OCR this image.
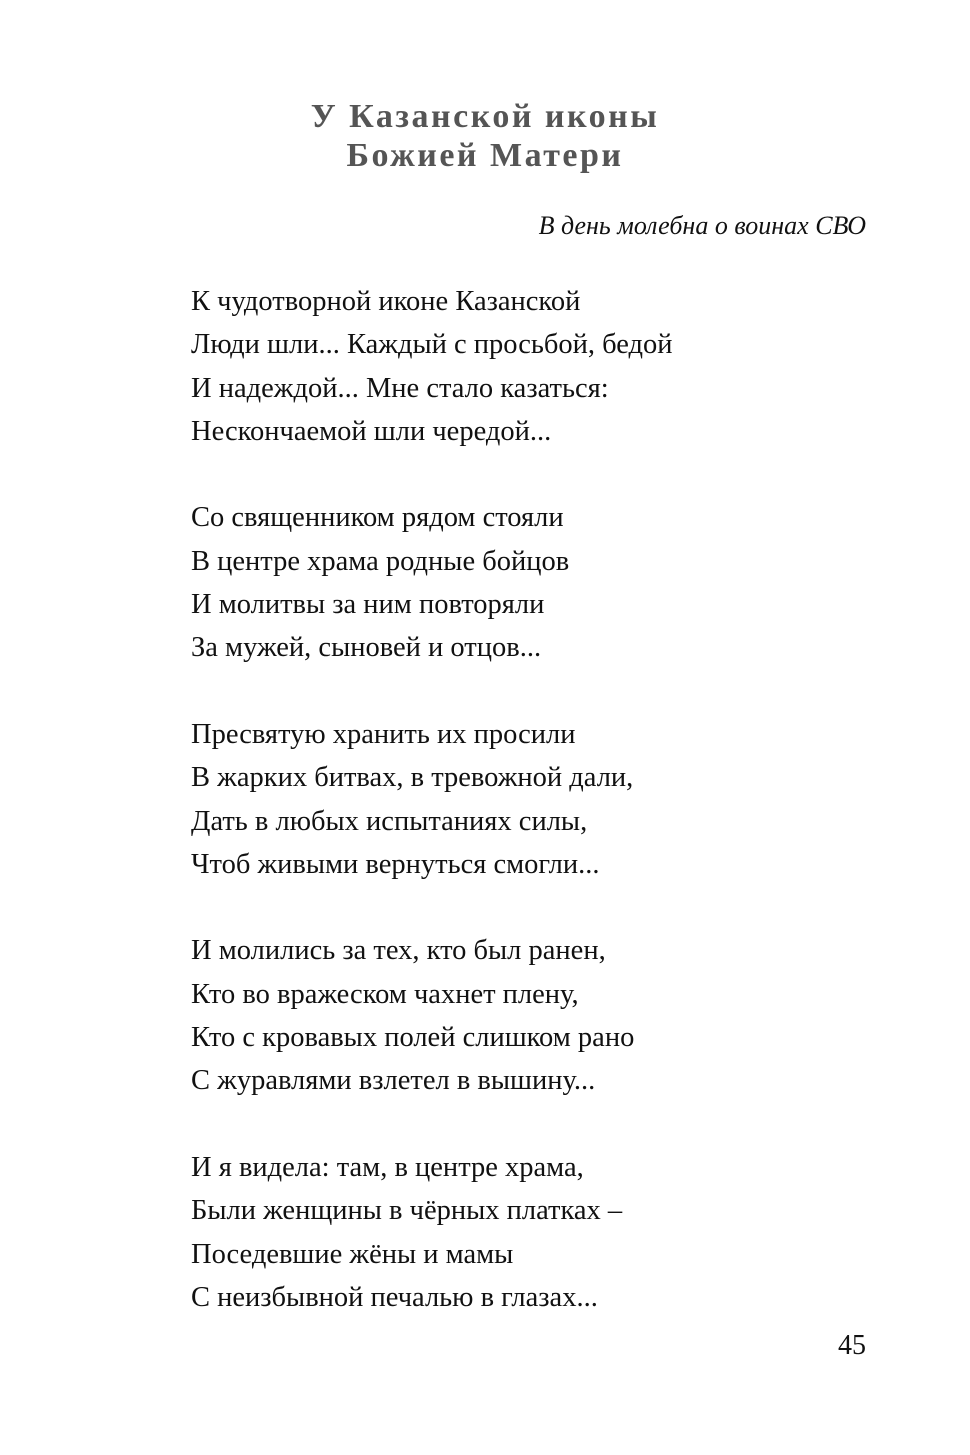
У Казанской иконы
Божией Матери
В день молебна о воинах СВО
К чудотворной иконе Казанской
Люди шли... Каждый с просьбой, бедой
И надеждой... Мне стало казаться:
Нескончаемой шли чередой...
Со священником рядом стояли
В центре храма родные бойцов
И молитвы за ним повторяли
За мужей, сыновей и отцов...
Пресвятую хранить их просили
В жарких битвах, в тревожной дали,
Дать в любых испытаниях силы,
Чтоб живыми вернуться смогли...
И молились за тех, кто был ранен,
Кто во вражеском чахнет плену,
Кто с кровавых полей слишком рано
С журавлями взлетел в вышину...
И я видела: там, в центре храма,
Были женщины в чёрных платках –
Поседевшие жёны и мамы
С неизбывной печалью в глазах...
45
